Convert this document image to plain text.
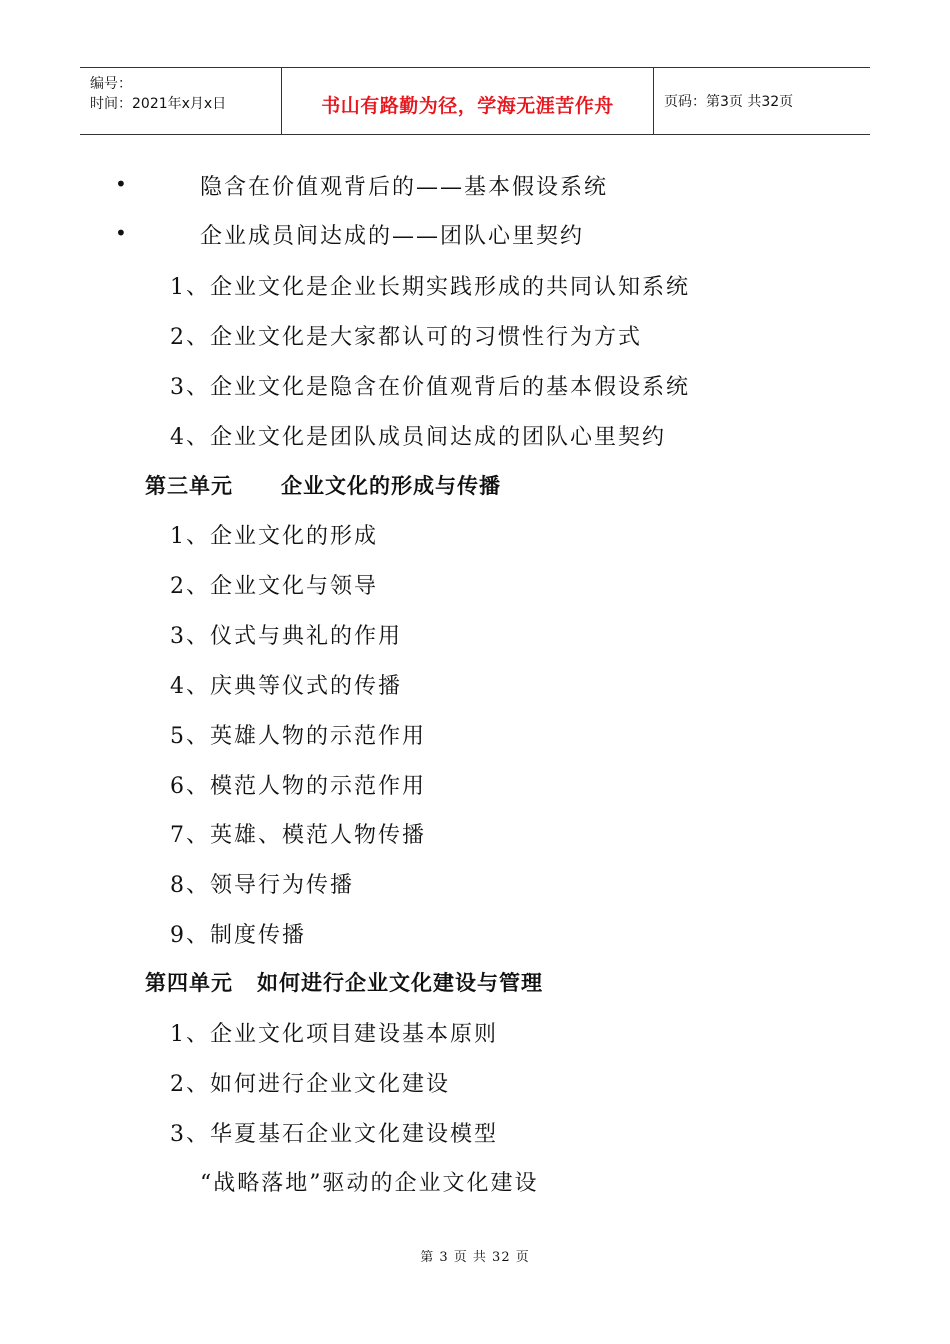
编号：
时间：2021年x月x日	书山有路勤为径，学海无涯苦作舟	页码：第3页 共32页
•	隐含在价值观背后的——基本假设系统
•	企业成员间达成的——团队心里契约
1、企业文化是企业长期实践形成的共同认知系统
2、企业文化是大家都认可的习惯性行为方式
3、企业文化是隐含在价值观背后的基本假设系统
4、企业文化是团队成员间达成的团队心里契约
第三单元 企业文化的形成与传播
1、企业文化的形成
2、企业文化与领导
3、仪式与典礼的作用
4、庆典等仪式的传播
5、英雄人物的示范作用
6、模范人物的示范作用
7、英雄、模范人物传播
8、领导行为传播
9、制度传播
第四单元 如何进行企业文化建设与管理
1、企业文化项目建设基本原则
2、如何进行企业文化建设
3、华夏基石企业文化建设模型
“战略落地”驱动的企业文化建设
第 3 页 共 32 页
